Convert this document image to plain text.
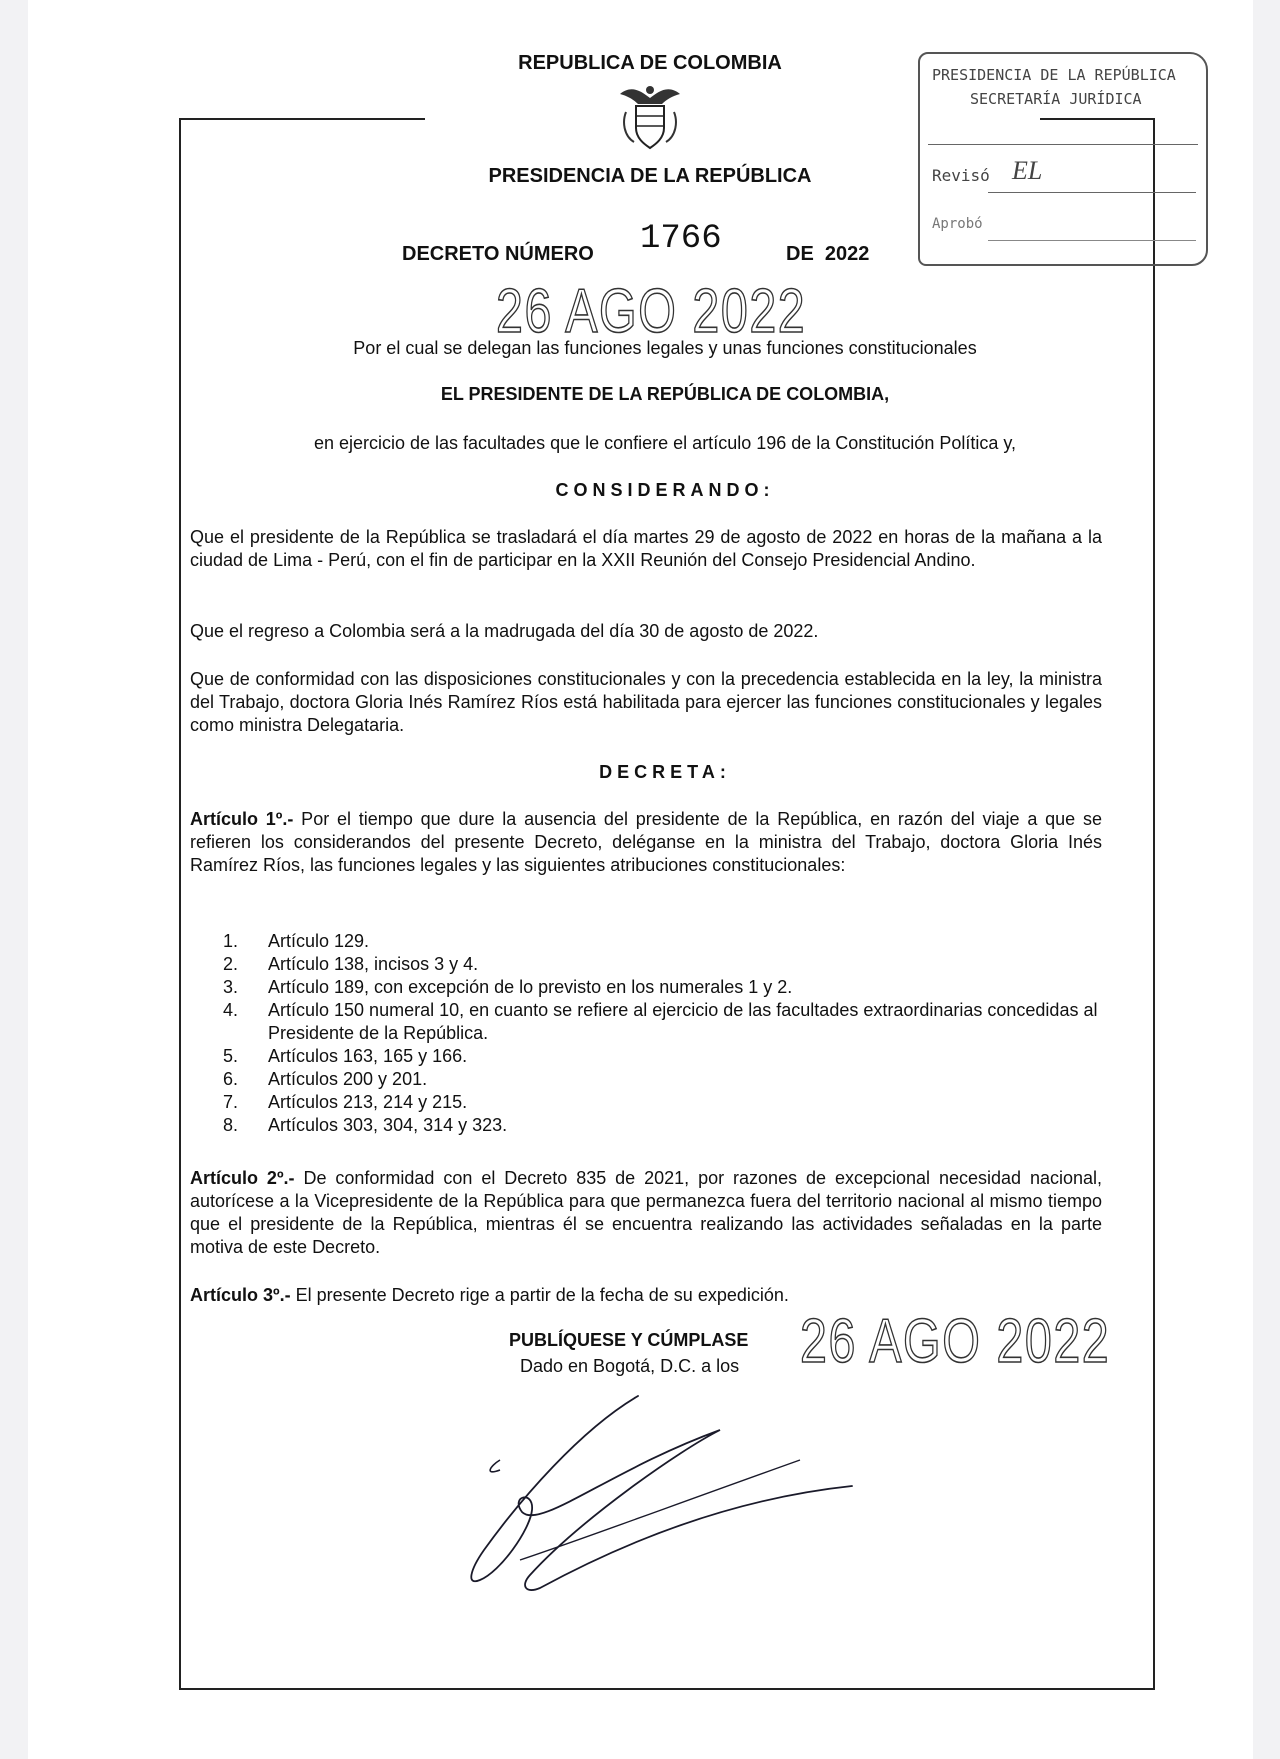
REPUBLICA DE COLOMBIA
PRESIDENCIA DE LA REPÚBLICA
DECRETO NÚMERO 1766	DE  2022
PRESIDENCIA DE LA REPÚBLICA
SECRETARÍA JURÍDICA
Revisó EL
Aprobó
26 AGO 2022
Por el cual se delegan las funciones legales y unas funciones constitucionales
EL PRESIDENTE DE LA REPÚBLICA DE COLOMBIA,
en ejercicio de las facultades que le confiere el artículo 196 de la Constitución Política y,
CONSIDERANDO:
Que el presidente de la República se trasladará el día martes 29 de agosto de 2022 en horas de la mañana a la ciudad de Lima - Perú, con el fin de participar en la XXII Reunión del Consejo Presidencial Andino.
Que el regreso a Colombia será a la madrugada del día 30 de agosto de 2022.
Que de conformidad con las disposiciones constitucionales y con la precedencia establecida en la ley, la ministra del Trabajo, doctora Gloria Inés Ramírez Ríos está habilitada para ejercer las funciones constitucionales y legales como ministra Delegataria.
DECRETA:
Artículo 1º.- Por el tiempo que dure la ausencia del presidente de la República, en razón del viaje a que se refieren los considerandos del presente Decreto, deléganse en la ministra del Trabajo, doctora Gloria Inés Ramírez Ríos, las funciones legales y las siguientes atribuciones constitucionales:
1.	Artículo 129.
2.	Artículo 138, incisos 3 y 4.
3.	Artículo 189, con excepción de lo previsto en los numerales 1 y 2.
4.	Artículo 150 numeral 10, en cuanto se refiere al ejercicio de las facultades extraordinarias concedidas al Presidente de la República.
5.	Artículos 163, 165 y 166.
6.	Artículos 200 y 201.
7.	Artículos 213, 214 y 215.
8.	Artículos 303, 304, 314 y 323.
Artículo 2º.- De conformidad con el Decreto 835 de 2021, por razones de excepcional necesidad nacional, autorícese a la Vicepresidente de la República para que permanezca fuera del territorio nacional al mismo tiempo que el presidente de la República, mientras él se encuentra realizando las actividades señaladas en la parte motiva de este Decreto.
Artículo 3º.- El presente Decreto rige a partir de la fecha de su expedición.
PUBLÍQUESE Y CÚMPLASE
Dado en Bogotá, D.C. a los 26 AGO 2022
